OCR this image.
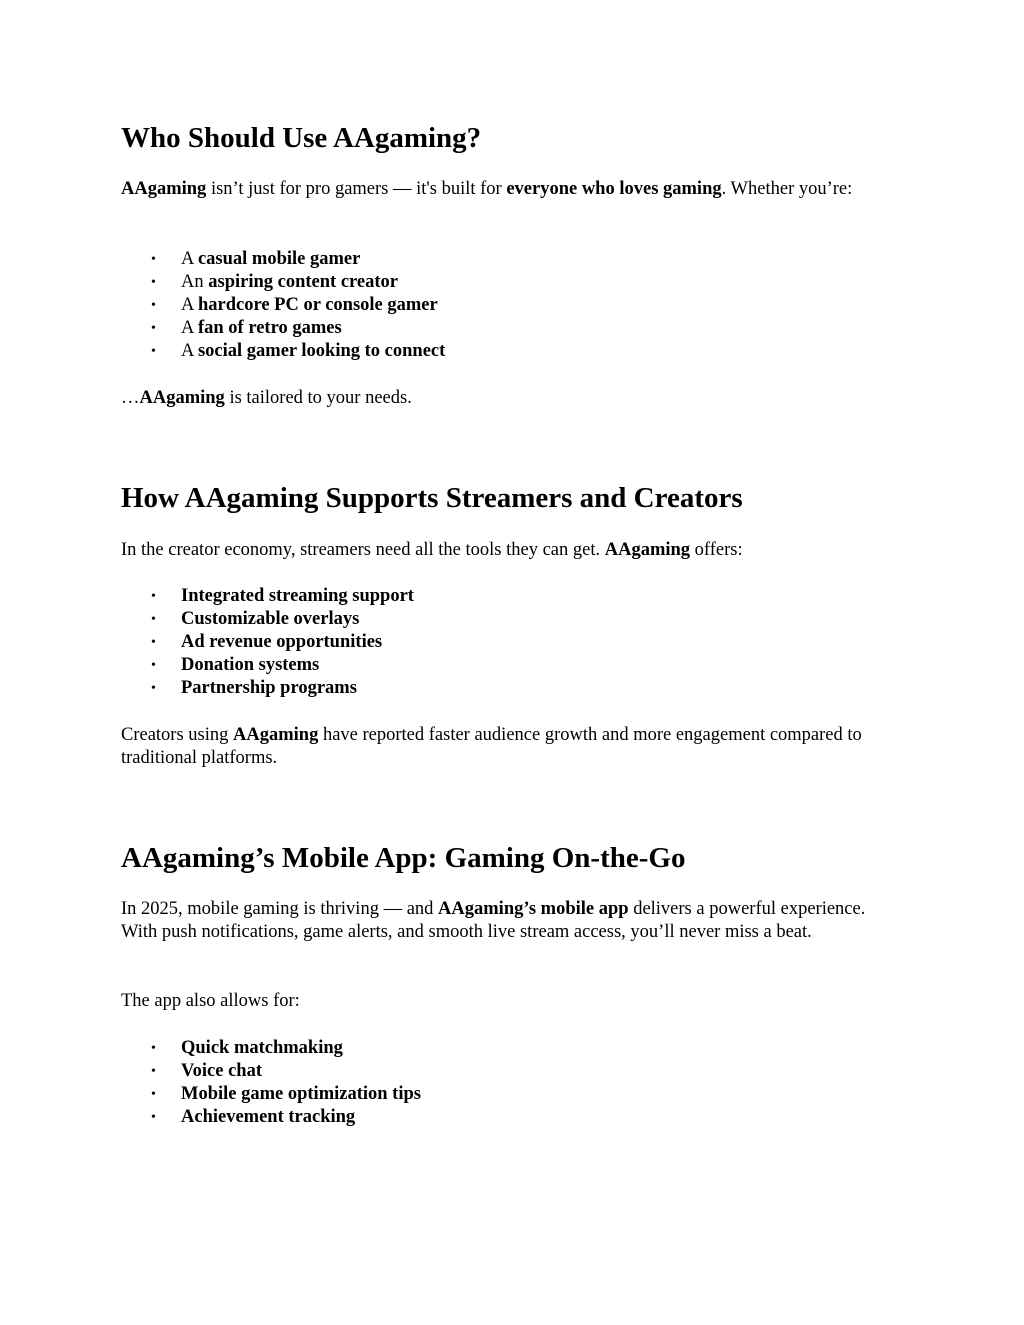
Who Should Use AAgaming?

AAgaming isn’t just for pro gamers — it's built for everyone who loves gaming. Whether you’re:

• A casual mobile gamer
• An aspiring content creator
• A hardcore PC or console gamer
• A fan of retro games
• A social gamer looking to connect

…AAgaming is tailored to your needs.

How AAgaming Supports Streamers and Creators

In the creator economy, streamers need all the tools they can get. AAgaming offers:

• Integrated streaming support
• Customizable overlays
• Ad revenue opportunities
• Donation systems
• Partnership programs

Creators using AAgaming have reported faster audience growth and more engagement compared to traditional platforms.

AAgaming’s Mobile App: Gaming On-the-Go

In 2025, mobile gaming is thriving — and AAgaming’s mobile app delivers a powerful experience. With push notifications, game alerts, and smooth live stream access, you’ll never miss a beat.

The app also allows for:

• Quick matchmaking
• Voice chat
• Mobile game optimization tips
• Achievement tracking
